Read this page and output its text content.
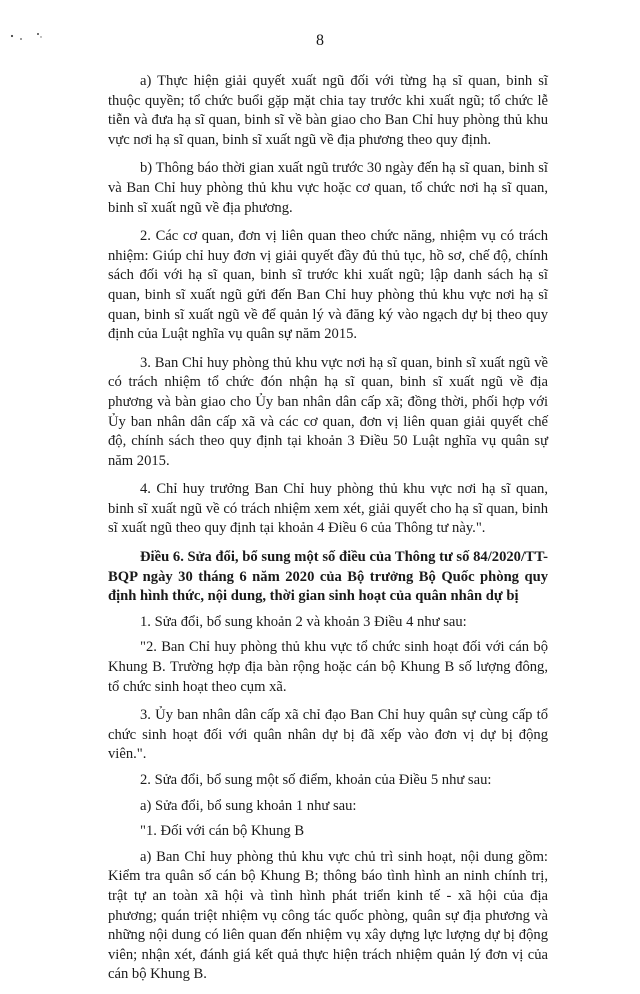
8

a) Thực hiện giải quyết xuất ngũ đối với từng hạ sĩ quan, binh sĩ thuộc quyền; tổ chức buổi gặp mặt chia tay trước khi xuất ngũ; tổ chức lễ tiễn và đưa hạ sĩ quan, binh sĩ về bàn giao cho Ban Chỉ huy phòng thủ khu vực nơi hạ sĩ quan, binh sĩ xuất ngũ về địa phương theo quy định.

b) Thông báo thời gian xuất ngũ trước 30 ngày đến hạ sĩ quan, binh sĩ và Ban Chỉ huy phòng thủ khu vực hoặc cơ quan, tổ chức nơi hạ sĩ quan, binh sĩ xuất ngũ về địa phương.

2. Các cơ quan, đơn vị liên quan theo chức năng, nhiệm vụ có trách nhiệm: Giúp chỉ huy đơn vị giải quyết đầy đủ thủ tục, hồ sơ, chế độ, chính sách đối với hạ sĩ quan, binh sĩ trước khi xuất ngũ; lập danh sách hạ sĩ quan, binh sĩ xuất ngũ gửi đến Ban Chỉ huy phòng thủ khu vực nơi hạ sĩ quan, binh sĩ xuất ngũ về để quản lý và đăng ký vào ngạch dự bị theo quy định của Luật nghĩa vụ quân sự năm 2015.

3. Ban Chỉ huy phòng thủ khu vực nơi hạ sĩ quan, binh sĩ xuất ngũ về có trách nhiệm tổ chức đón nhận hạ sĩ quan, binh sĩ xuất ngũ về địa phương và bàn giao cho Ủy ban nhân dân cấp xã; đồng thời, phối hợp với Ủy ban nhân dân cấp xã và các cơ quan, đơn vị liên quan giải quyết chế độ, chính sách theo quy định tại khoản 3 Điều 50 Luật nghĩa vụ quân sự năm 2015.

4. Chỉ huy trưởng Ban Chỉ huy phòng thủ khu vực nơi hạ sĩ quan, binh sĩ xuất ngũ về có trách nhiệm xem xét, giải quyết cho hạ sĩ quan, binh sĩ xuất ngũ theo quy định tại khoản 4 Điều 6 của Thông tư này.".

Điều 6. Sửa đổi, bổ sung một số điều của Thông tư số 84/2020/TT-BQP ngày 30 tháng 6 năm 2020 của Bộ trưởng Bộ Quốc phòng quy định hình thức, nội dung, thời gian sinh hoạt của quân nhân dự bị

1. Sửa đổi, bổ sung khoản 2 và khoản 3 Điều 4 như sau:

"2. Ban Chỉ huy phòng thủ khu vực tổ chức sinh hoạt đối với cán bộ Khung B. Trường hợp địa bàn rộng hoặc cán bộ Khung B số lượng đông, tổ chức sinh hoạt theo cụm xã.

3. Ủy ban nhân dân cấp xã chỉ đạo Ban Chỉ huy quân sự cùng cấp tổ chức sinh hoạt đối với quân nhân dự bị đã xếp vào đơn vị dự bị động viên.".

2. Sửa đổi, bổ sung một số điểm, khoản của Điều 5 như sau:

a) Sửa đổi, bổ sung khoản 1 như sau:

"1. Đối với cán bộ Khung B

a) Ban Chỉ huy phòng thủ khu vực chủ trì sinh hoạt, nội dung gồm: Kiểm tra quân số cán bộ Khung B; thông báo tình hình an ninh chính trị, trật tự an toàn xã hội và tình hình phát triển kinh tế - xã hội của địa phương; quán triệt nhiệm vụ công tác quốc phòng, quân sự địa phương và những nội dung có liên quan đến nhiệm vụ xây dựng lực lượng dự bị động viên; nhận xét, đánh giá kết quả thực hiện trách nhiệm quản lý đơn vị của cán bộ Khung B.
